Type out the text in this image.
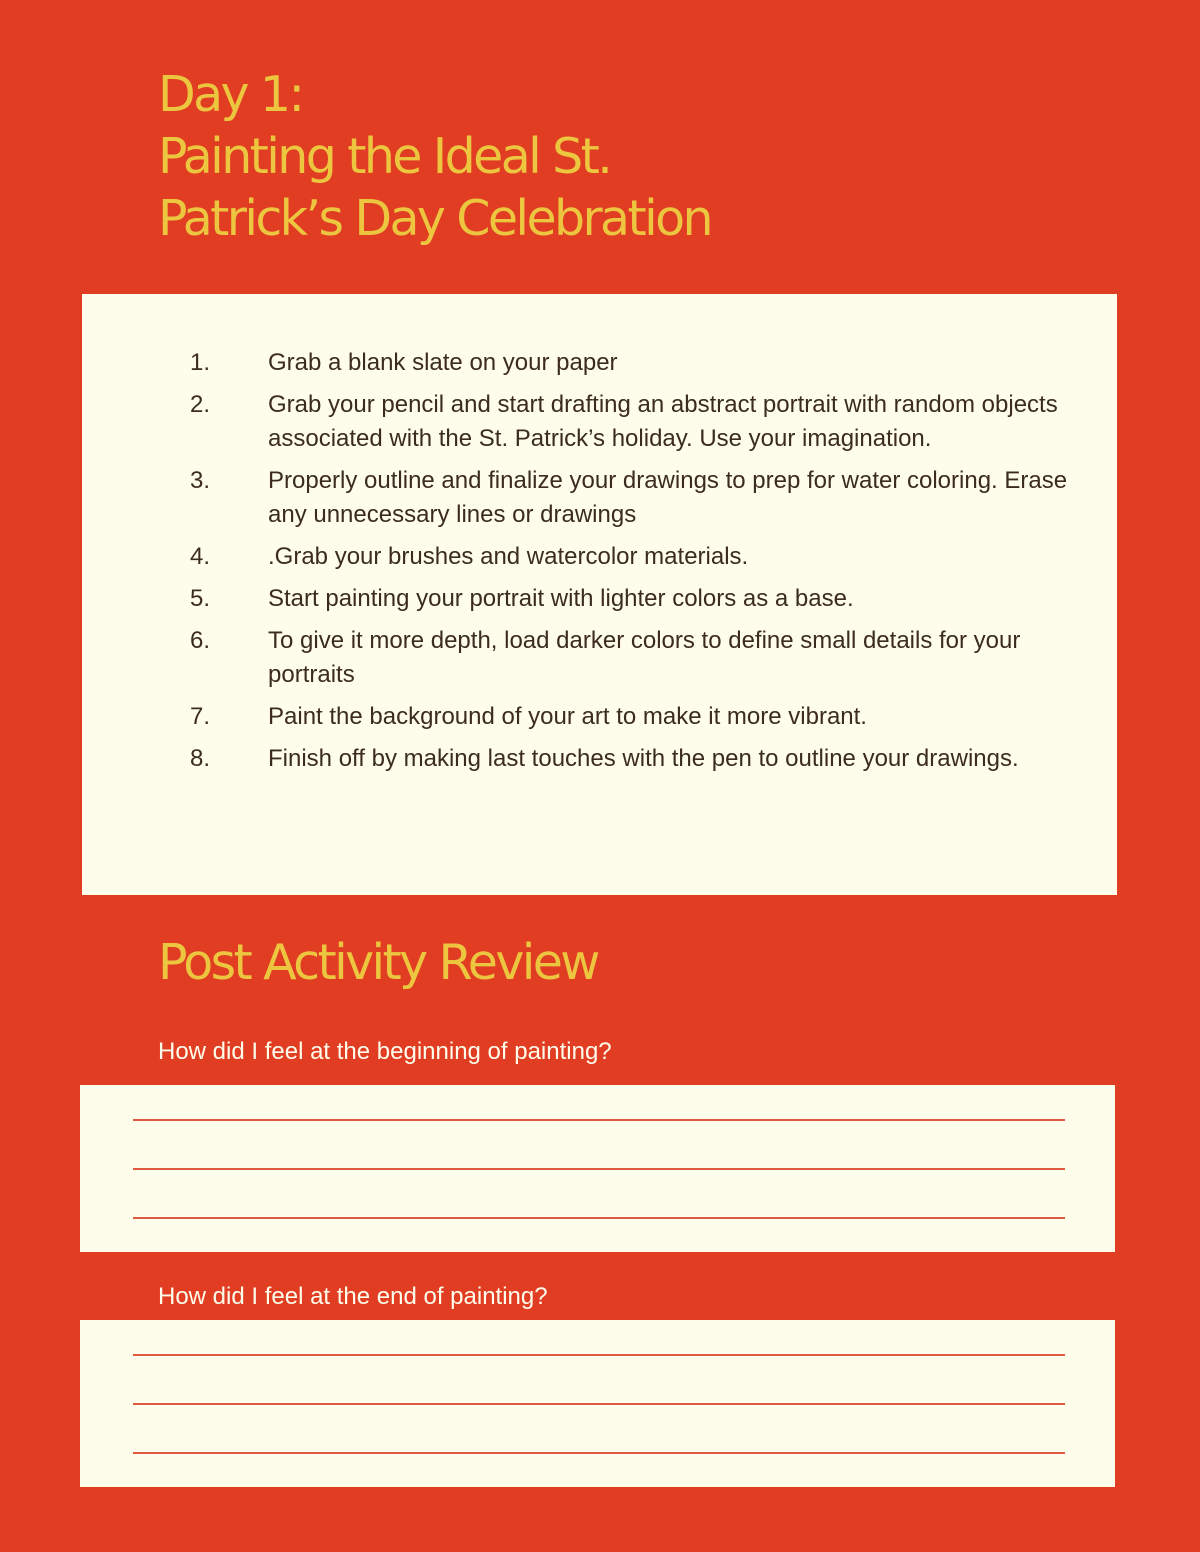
Day 1:
Painting the Ideal St.
Patrick’s Day Celebration
1.	Grab a blank slate on your paper
2.	Grab your pencil and start drafting an abstract portrait with random objects associated with the St. Patrick’s holiday. Use your imagination.
3.	Properly outline and finalize your drawings to prep for water coloring. Erase any unnecessary lines or drawings
4.	.Grab your brushes and watercolor materials.
5.	Start painting your portrait with lighter colors as a base.
6.	To give it more depth, load darker colors to define small details for your portraits
7.	Paint the background of your art to make it more vibrant.
8.	Finish off by making last touches with the pen to outline your drawings.
Post Activity Review

How did I feel at the beginning of painting?

How did I feel at the end of painting?
